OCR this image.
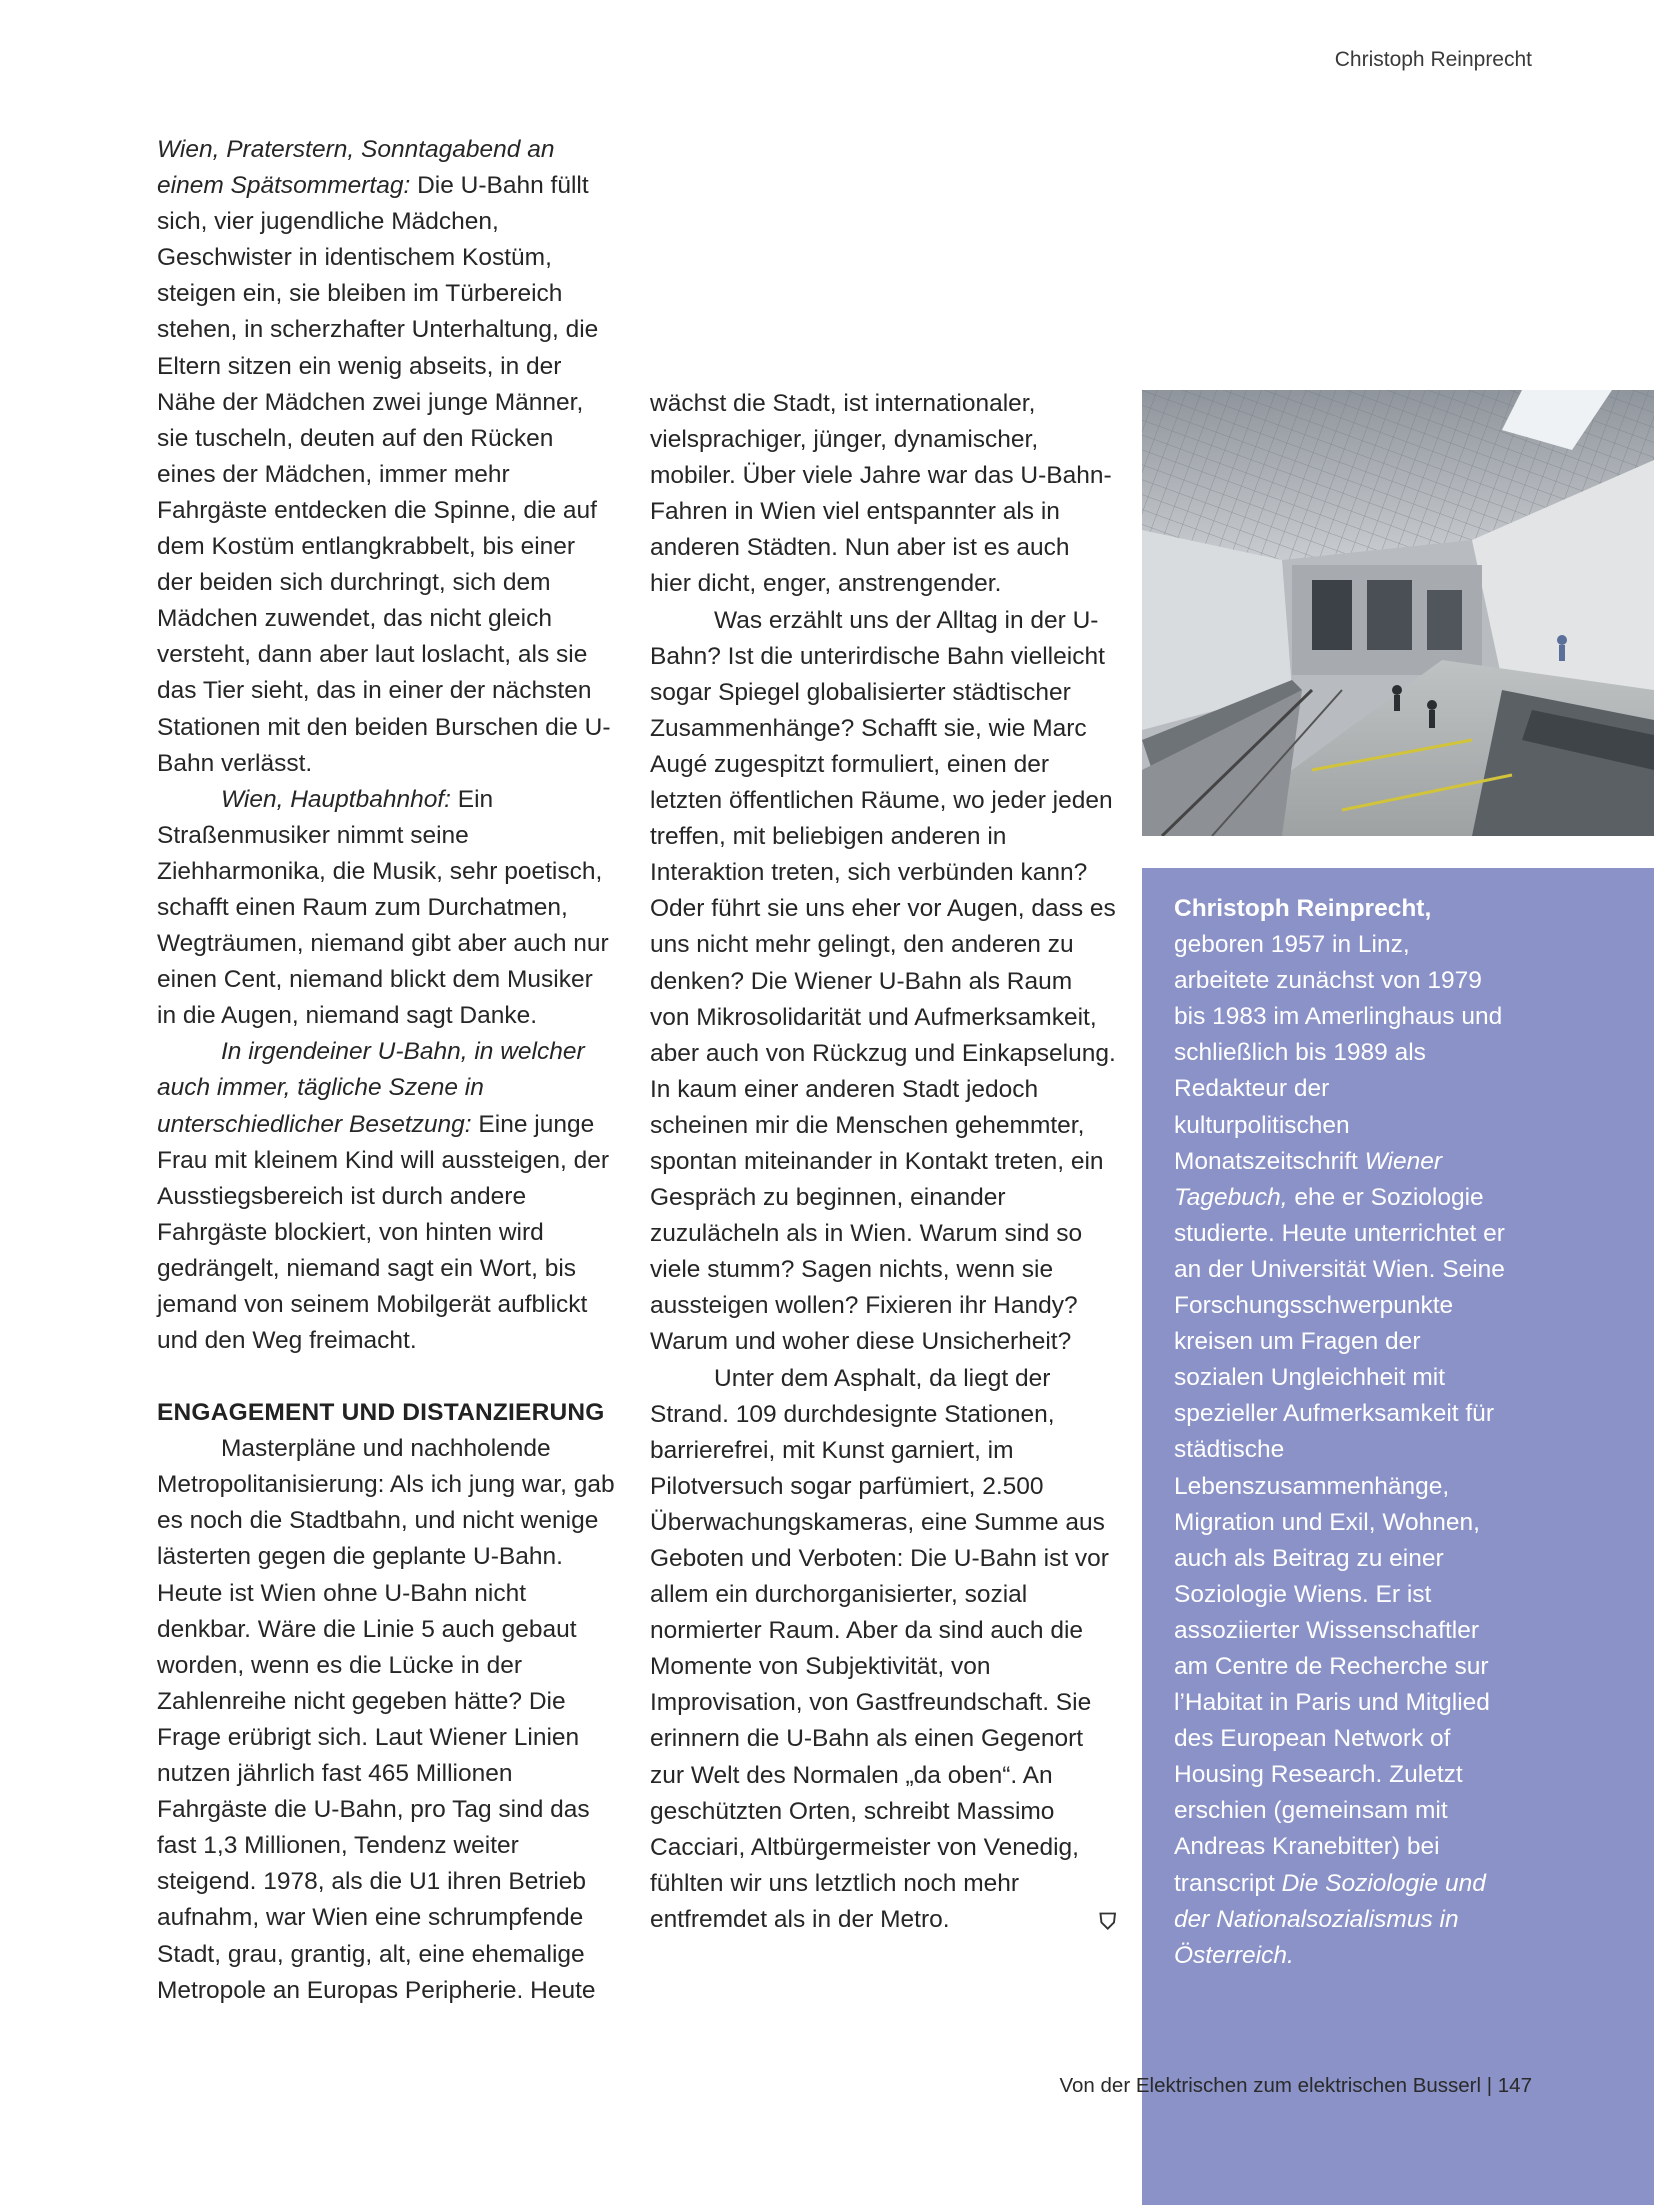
Christoph Reinprecht

Wien, Praterstern, Sonntagabend an einem Spätsommertag: Die U-Bahn füllt sich, vier jugendliche Mädchen, Geschwister in identischem Kostüm, steigen ein, sie bleiben im Türbereich stehen, in scherzhafter Unterhaltung, die Eltern sitzen ein wenig abseits, in der Nähe der Mädchen zwei junge Männer, sie tuscheln, deuten auf den Rücken eines der Mädchen, immer mehr Fahrgäste entdecken die Spinne, die auf dem Kostüm entlangkrabbelt, bis einer der beiden sich durchringt, sich dem Mädchen zuwendet, das nicht gleich versteht, dann aber laut loslacht, als sie das Tier sieht, das in einer der nächsten Stationen mit den beiden Burschen die U-Bahn verlässt.

Wien, Hauptbahnhof: Ein Straßenmusiker nimmt seine Ziehharmonika, die Musik, sehr poetisch, schafft einen Raum zum Durchatmen, Wegträumen, niemand gibt aber auch nur einen Cent, niemand blickt dem Musiker in die Augen, niemand sagt Danke.

In irgendeiner U-Bahn, in welcher auch immer, tägliche Szene in unterschiedlicher Besetzung: Eine junge Frau mit kleinem Kind will aussteigen, der Ausstiegsbereich ist durch andere Fahrgäste blockiert, von hinten wird gedrängelt, niemand sagt ein Wort, bis jemand von seinem Mobilgerät aufblickt und den Weg freimacht.

ENGAGEMENT UND DISTANZIERUNG

Masterpläne und nachholende Metropolitanisierung: Als ich jung war, gab es noch die Stadtbahn, und nicht wenige lästerten gegen die geplante U-Bahn. Heute ist Wien ohne U-Bahn nicht denkbar. Wäre die Linie 5 auch gebaut worden, wenn es die Lücke in der Zahlenreihe nicht gegeben hätte? Die Frage erübrigt sich. Laut Wiener Linien nutzen jährlich fast 465 Millionen Fahrgäste die U-Bahn, pro Tag sind das fast 1,3 Millionen, Tendenz weiter steigend. 1978, als die U1 ihren Betrieb aufnahm, war Wien eine schrumpfende Stadt, grau, grantig, alt, eine ehemalige Metropole an Europas Peripherie. Heute

wächst die Stadt, ist internationaler, vielsprachiger, jünger, dynamischer, mobiler. Über viele Jahre war das U-Bahn-Fahren in Wien viel entspannter als in anderen Städten. Nun aber ist es auch hier dicht, enger, anstrengender.

Was erzählt uns der Alltag in der U-Bahn? Ist die unterirdische Bahn vielleicht sogar Spiegel globalisierter städtischer Zusammenhänge? Schafft sie, wie Marc Augé zugespitzt formuliert, einen der letzten öffentlichen Räume, wo jeder jeden treffen, mit beliebigen anderen in Interaktion treten, sich verbünden kann? Oder führt sie uns eher vor Augen, dass es uns nicht mehr gelingt, den anderen zu denken? Die Wiener U-Bahn als Raum von Mikrosolidarität und Aufmerksamkeit, aber auch von Rückzug und Einkapselung. In kaum einer anderen Stadt jedoch scheinen mir die Menschen gehemmter, spontan miteinander in Kontakt treten, ein Gespräch zu beginnen, einander zuzulächeln als in Wien. Warum sind so viele stumm? Sagen nichts, wenn sie aussteigen wollen? Fixieren ihr Handy? Warum und woher diese Unsicherheit?

Unter dem Asphalt, da liegt der Strand. 109 durchdesignte Stationen, barrierefrei, mit Kunst garniert, im Pilotversuch sogar parfümiert, 2.500 Überwachungskameras, eine Summe aus Geboten und Verboten: Die U-Bahn ist vor allem ein durchorganisierter, sozial normierter Raum. Aber da sind auch die Momente von Subjektivität, von Improvisation, von Gastfreundschaft. Sie erinnern die U-Bahn als einen Gegenort zur Welt des Normalen „da oben“. An geschützten Orten, schreibt Massimo Cacciari, Altbürgermeister von Venedig, fühlten wir uns letztlich noch mehr entfremdet als in der Metro.	⛉

Christoph Reinprecht, geboren 1957 in Linz, arbeitete zunächst von 1979 bis 1983 im Amerlinghaus und schließlich bis 1989 als Redakteur der kulturpolitischen Monatszeitschrift Wiener Tagebuch, ehe er Soziologie studierte. Heute unterrichtet er an der Universität Wien. Seine Forschungsschwerpunkte kreisen um Fragen der sozialen Ungleichheit mit spezieller Aufmerksamkeit für städtische Lebenszusammenhänge, Migration und Exil, Wohnen, auch als Beitrag zu einer Soziologie Wiens. Er ist assoziierter Wissenschaftler am Centre de Recherche sur l’Habitat in Paris und Mitglied des European Network of Housing Research. Zuletzt erschien (gemeinsam mit Andreas Kranebitter) bei transcript Die Soziologie und der Nationalsozialismus in Österreich.
Von der Elektrischen zum elektrischen Busserl | 147
